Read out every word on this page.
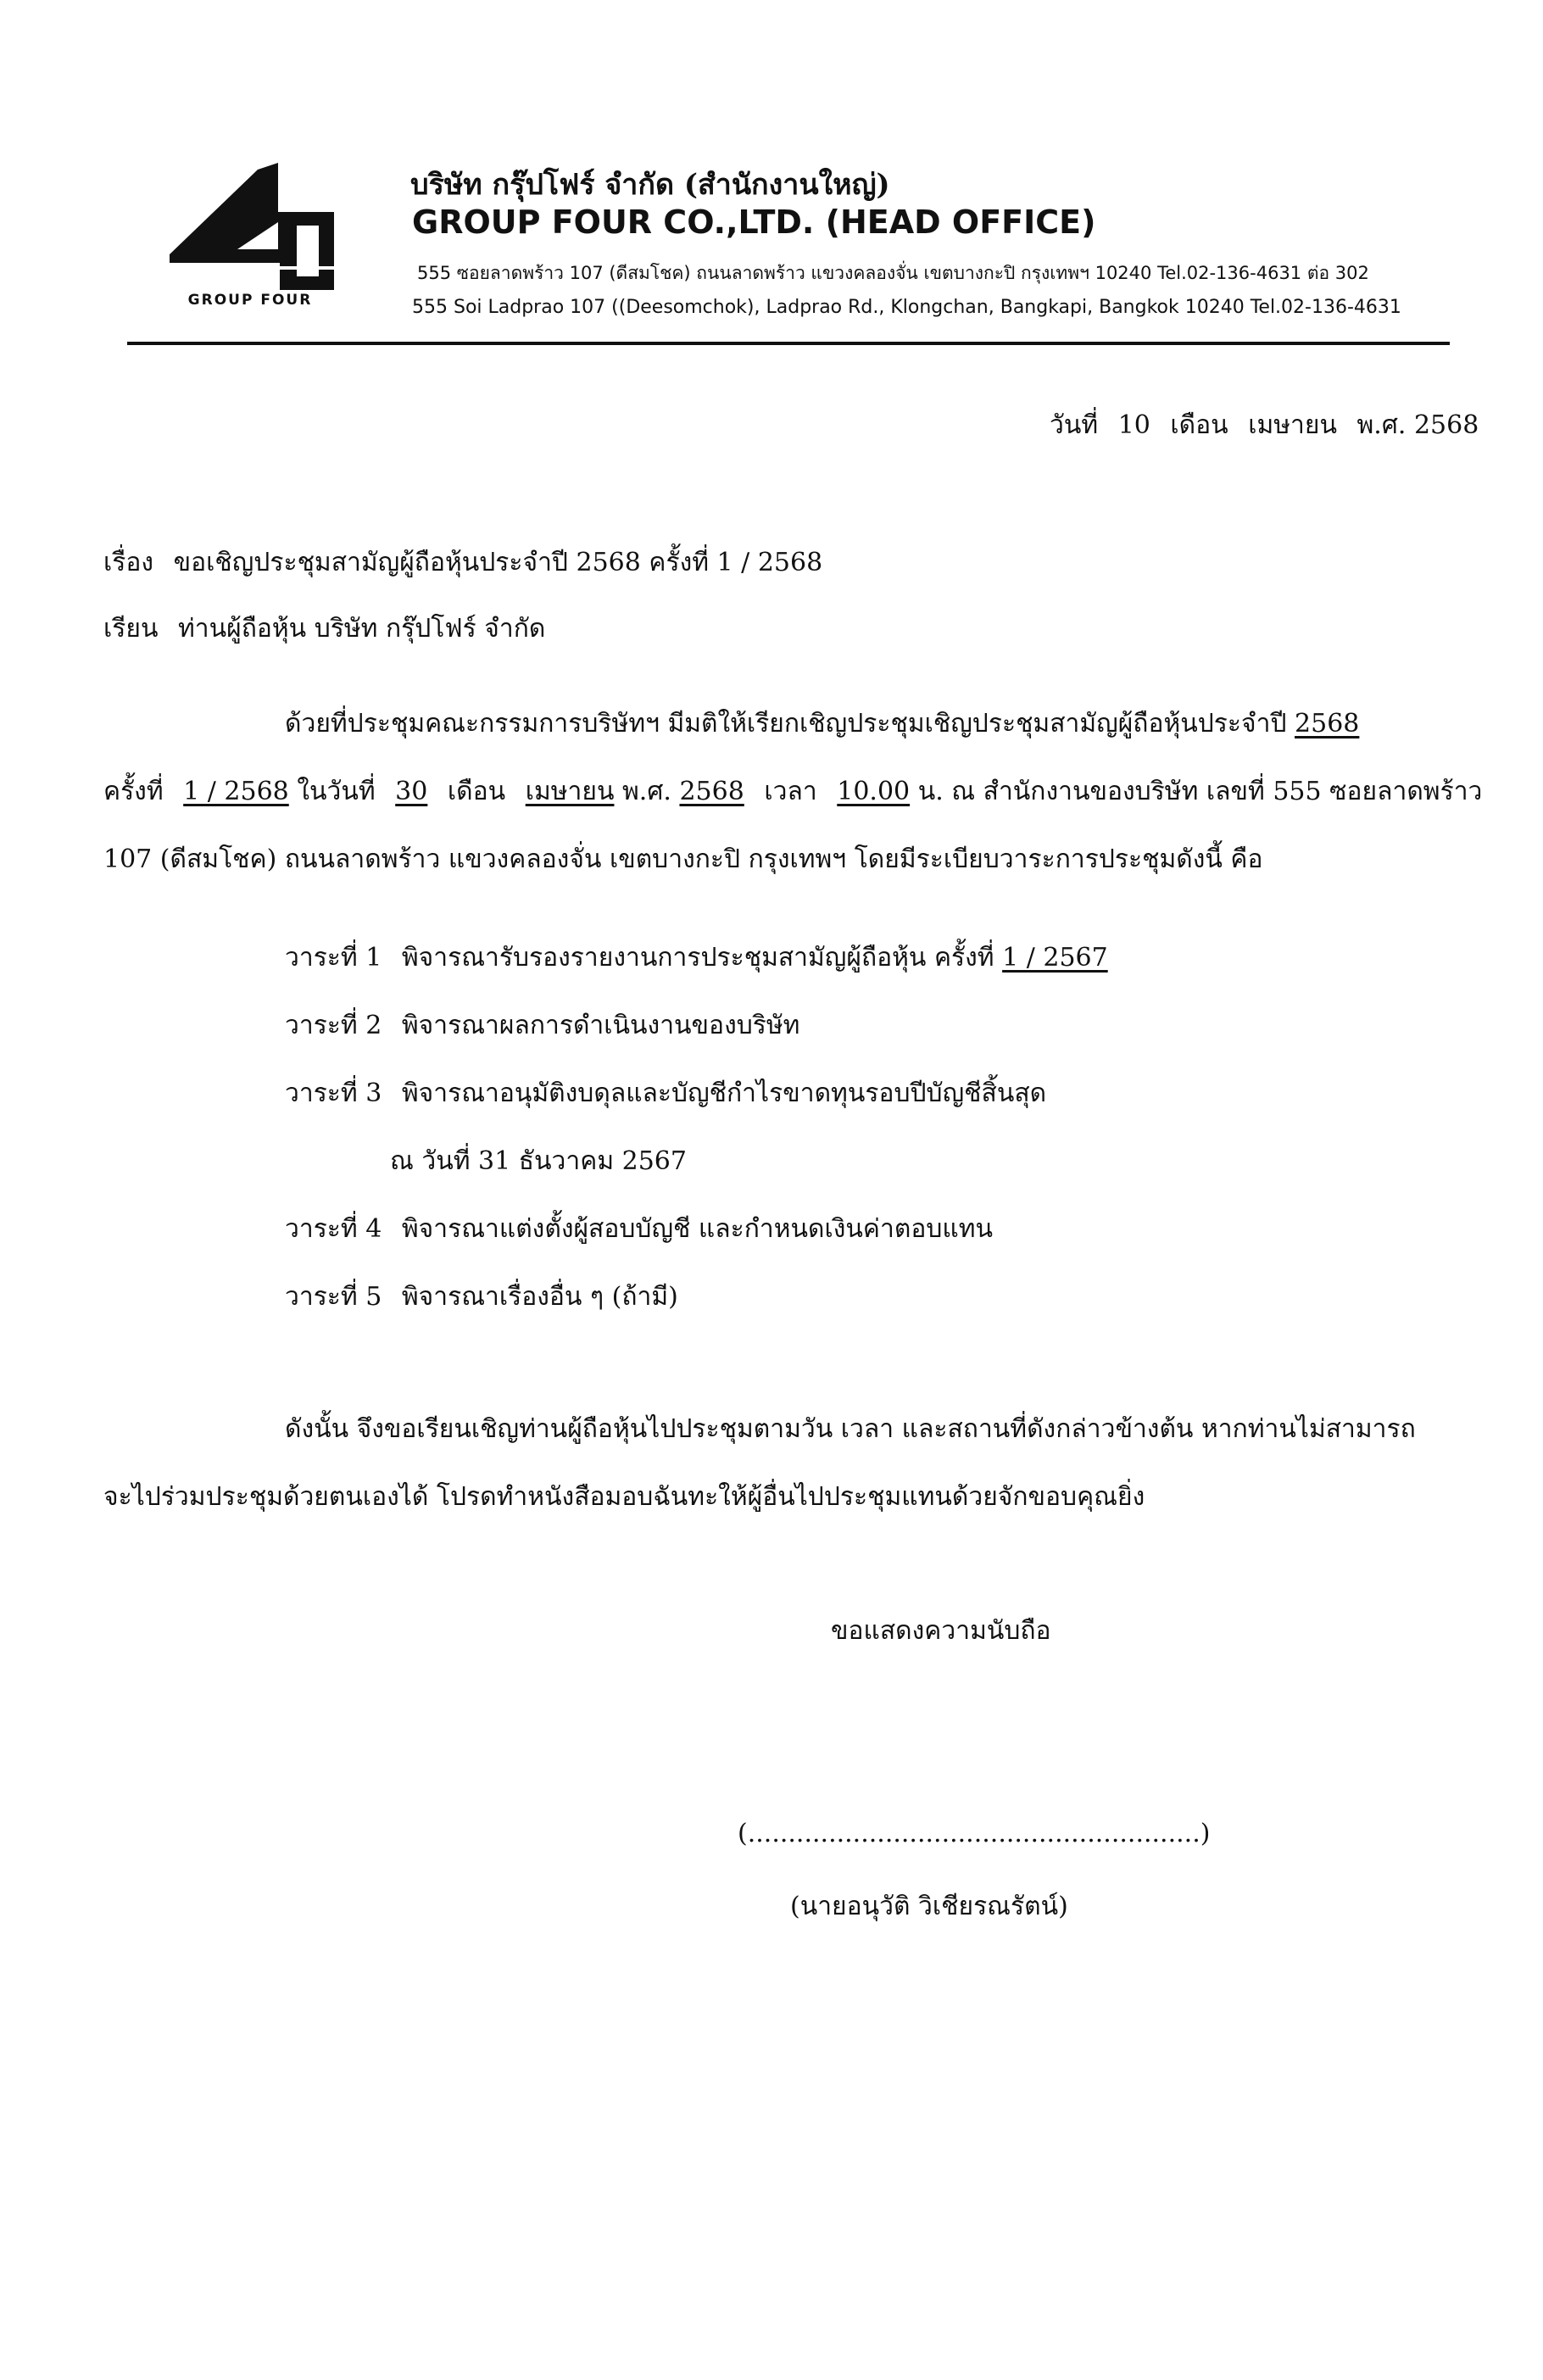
GROUP FOUR
บริษัท กรุ๊ปโฟร์ จำกัด (สำนักงานใหญ่)
GROUP FOUR CO.,LTD. (HEAD OFFICE)
555 ซอยลาดพร้าว 107 (ดีสมโชค) ถนนลาดพร้าว แขวงคลองจั่น เขตบางกะปิ กรุงเทพฯ 10240 Tel.02-136-4631 ต่อ 302
555 Soi Ladprao 107 ((Deesomchok), Ladprao Rd., Klongchan, Bangkapi, Bangkok 10240 Tel.02-136-4631
วันที่ 10 เดือน เมษายน พ.ศ. 2568
เรื่อง ขอเชิญประชุมสามัญผู้ถือหุ้นประจำปี 2568 ครั้งที่ 1 / 2568
เรียน ท่านผู้ถือหุ้น บริษัท กรุ๊ปโฟร์ จำกัด
ด้วยที่ประชุมคณะกรรมการบริษัทฯ มีมติให้เรียกเชิญประชุมเชิญประชุมสามัญผู้ถือหุ้นประจำปี 2568
ครั้งที่ 1 / 2568 ในวันที่ 30 เดือน เมษายน พ.ศ. 2568 เวลา 10.00 น. ณ สำนักงานของบริษัท เลขที่ 555 ซอยลาดพร้าว
107 (ดีสมโชค) ถนนลาดพร้าว แขวงคลองจั่น เขตบางกะปิ กรุงเทพฯ โดยมีระเบียบวาระการประชุมดังนี้ คือ
วาระที่ 1 พิจารณารับรองรายงานการประชุมสามัญผู้ถือหุ้น ครั้งที่ 1 / 2567
วาระที่ 2 พิจารณาผลการดำเนินงานของบริษัท
วาระที่ 3 พิจารณาอนุมัติงบดุลและบัญชีกำไรขาดทุนรอบปีบัญชีสิ้นสุด
ณ วันที่ 31 ธันวาคม 2567
วาระที่ 4 พิจารณาแต่งตั้งผู้สอบบัญชี และกำหนดเงินค่าตอบแทน
วาระที่ 5 พิจารณาเรื่องอื่น ๆ (ถ้ามี)
ดังนั้น จึงขอเรียนเชิญท่านผู้ถือหุ้นไปประชุมตามวัน เวลา และสถานที่ดังกล่าวข้างต้น หากท่านไม่สามารถ
จะไปร่วมประชุมด้วยตนเองได้ โปรดทำหนังสือมอบฉันทะให้ผู้อื่นไปประชุมแทนด้วยจักขอบคุณยิ่ง
ขอแสดงความนับถือ
(........................................................)
(นายอนุวัติ วิเชียรณรัตน์)
